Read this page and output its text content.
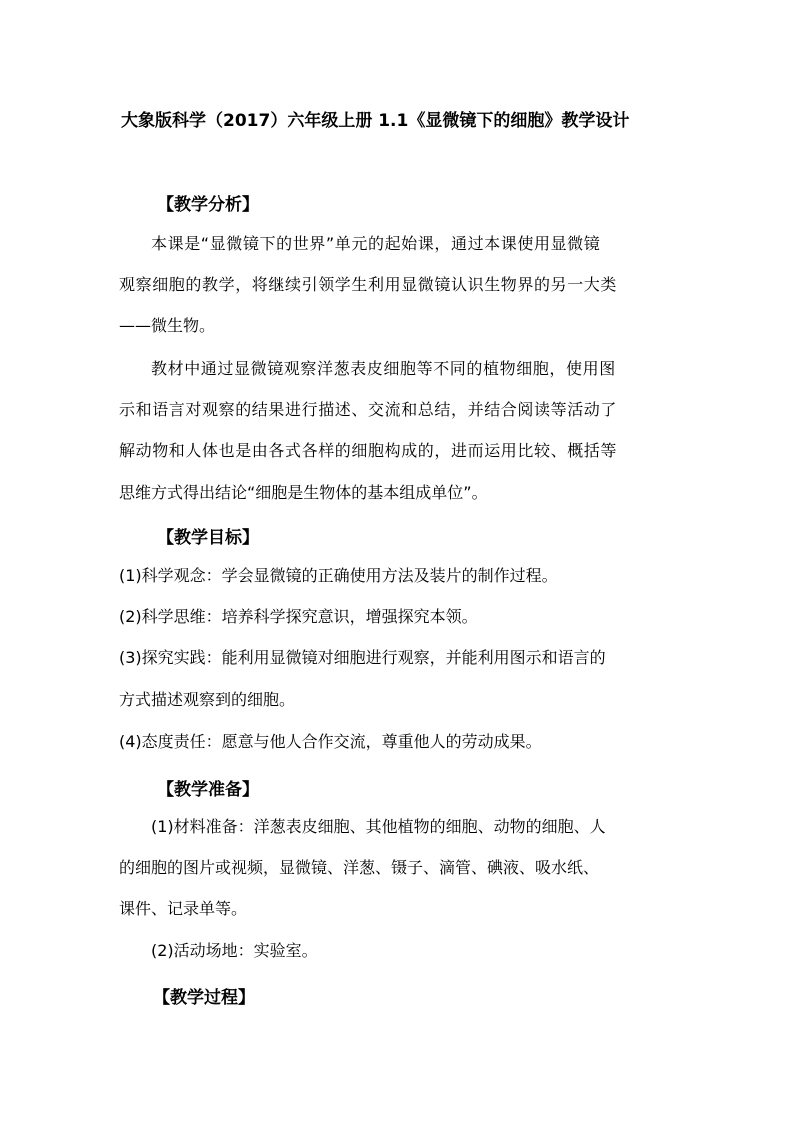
大象版科学（2017）六年级上册 1.1《显微镜下的细胞》教学设计
【教学分析】
本课是“显微镜下的世界”单元的起始课，通过本课使用显微镜
观察细胞的教学，将继续引领学生利用显微镜认识生物界的另一大类
——微生物。
教材中通过显微镜观察洋葱表皮细胞等不同的植物细胞，使用图
示和语言对观察的结果进行描述、交流和总结，并结合阅读等活动了
解动物和人体也是由各式各样的细胞构成的，进而运用比较、概括等
思维方式得出结论“细胞是生物体的基本组成单位”。
【教学目标】
(1)科学观念：学会显微镜的正确使用方法及装片的制作过程。
(2)科学思维：培养科学探究意识，增强探究本领。
(3)探究实践：能利用显微镜对细胞进行观察，并能利用图示和语言的
方式描述观察到的细胞。
(4)态度责任：愿意与他人合作交流，尊重他人的劳动成果。
【教学准备】
(1)材料准备：洋葱表皮细胞、其他植物的细胞、动物的细胞、人
的细胞的图片或视频，显微镜、洋葱、镊子、滴管、碘液、吸水纸、
课件、记录单等。
(2)活动场地：实验室。
【教学过程】
